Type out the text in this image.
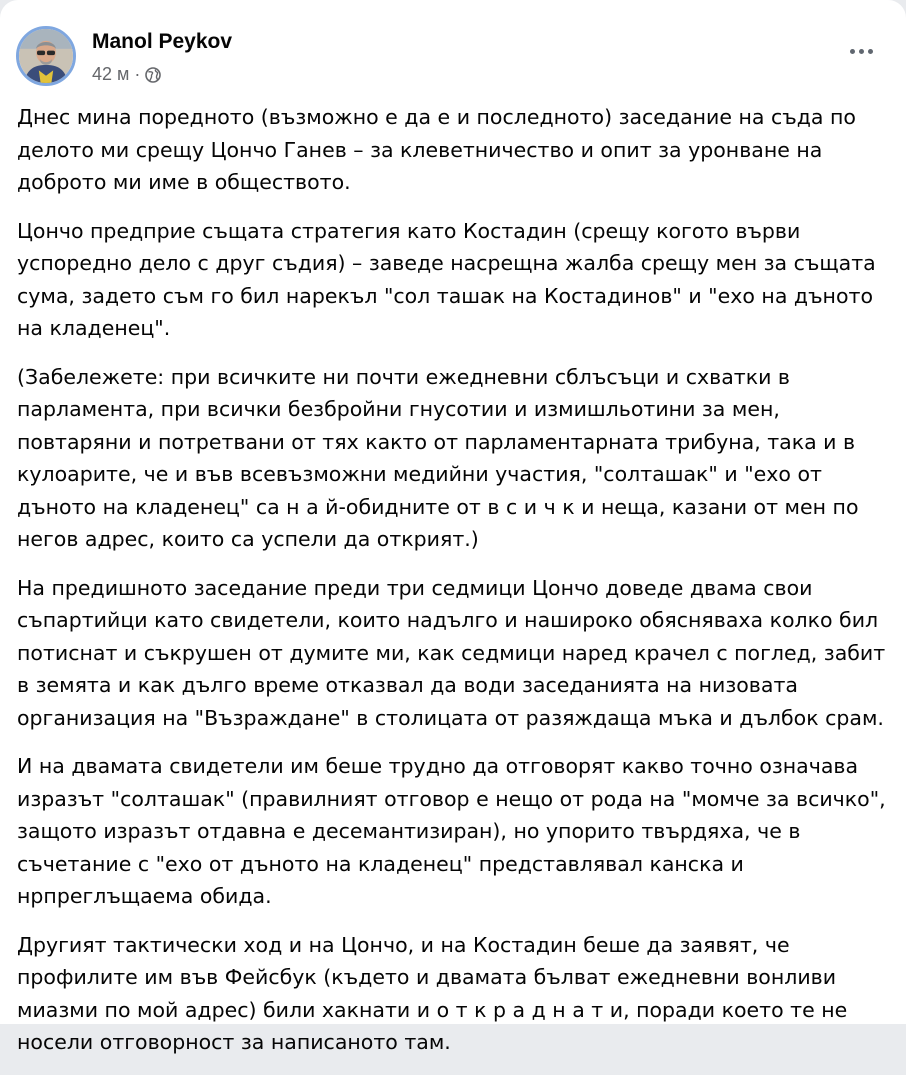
Manol Peykov
42 м ·

Днес мина поредното (възможно е да е и последното) заседание на съда по делото ми срещу Цончо Ганев – за клеветничество и опит за уронване на доброто ми име в обществото.

Цончо предприе същата стратегия като Костадин (срещу когото върви успоредно дело с друг съдия) – заведе насрещна жалба срещу мен за същата сума, задето съм го бил нарекъл "сол ташак на Костадинов" и "ехо на дъното на кладенец".

(Забележете: при всичките ни почти ежедневни сблъсъци и схватки в парламента, при всички безбройни гнусотии и измишльотини за мен, повтаряни и потретвани от тях както от парламентарната трибуна, така и в кулоарите, че и във всевъзможни медийни участия, "солташак" и "ехо от дъното на кладенец" са н а й-обидните от в с и ч к и неща, казани от мен по негов адрес, които са успели да открият.)

На предишното заседание преди три седмици Цончо доведе двама свои съпартийци като свидетели, които надълго и нашироко обясняваха колко бил потиснат и съкрушен от думите ми, как седмици наред крачел с поглед, забит в земята и как дълго време отказвал да води заседанията на низовата организация на "Възраждане" в столицата от разяждаща мъка и дълбок срам.

И на двамата свидетели им беше трудно да отговорят какво точно означава изразът "солташак" (правилният отговор е нещо от рода на "момче за всичко", защото изразът отдавна е десемантизиран), но упорито твърдяха, че в съчетание с "ехо от дъното на кладенец" представлявал канска и нрпреглъщаема обида.

Другият тактически ход и на Цончо, и на Костадин беше да заявят, че профилите им във Фейсбук (където и двамата бълват ежедневни вонливи миазми по мой адрес) били хакнати и о т к р а д н а т и, поради което те не носели отговорност за написаното там.
